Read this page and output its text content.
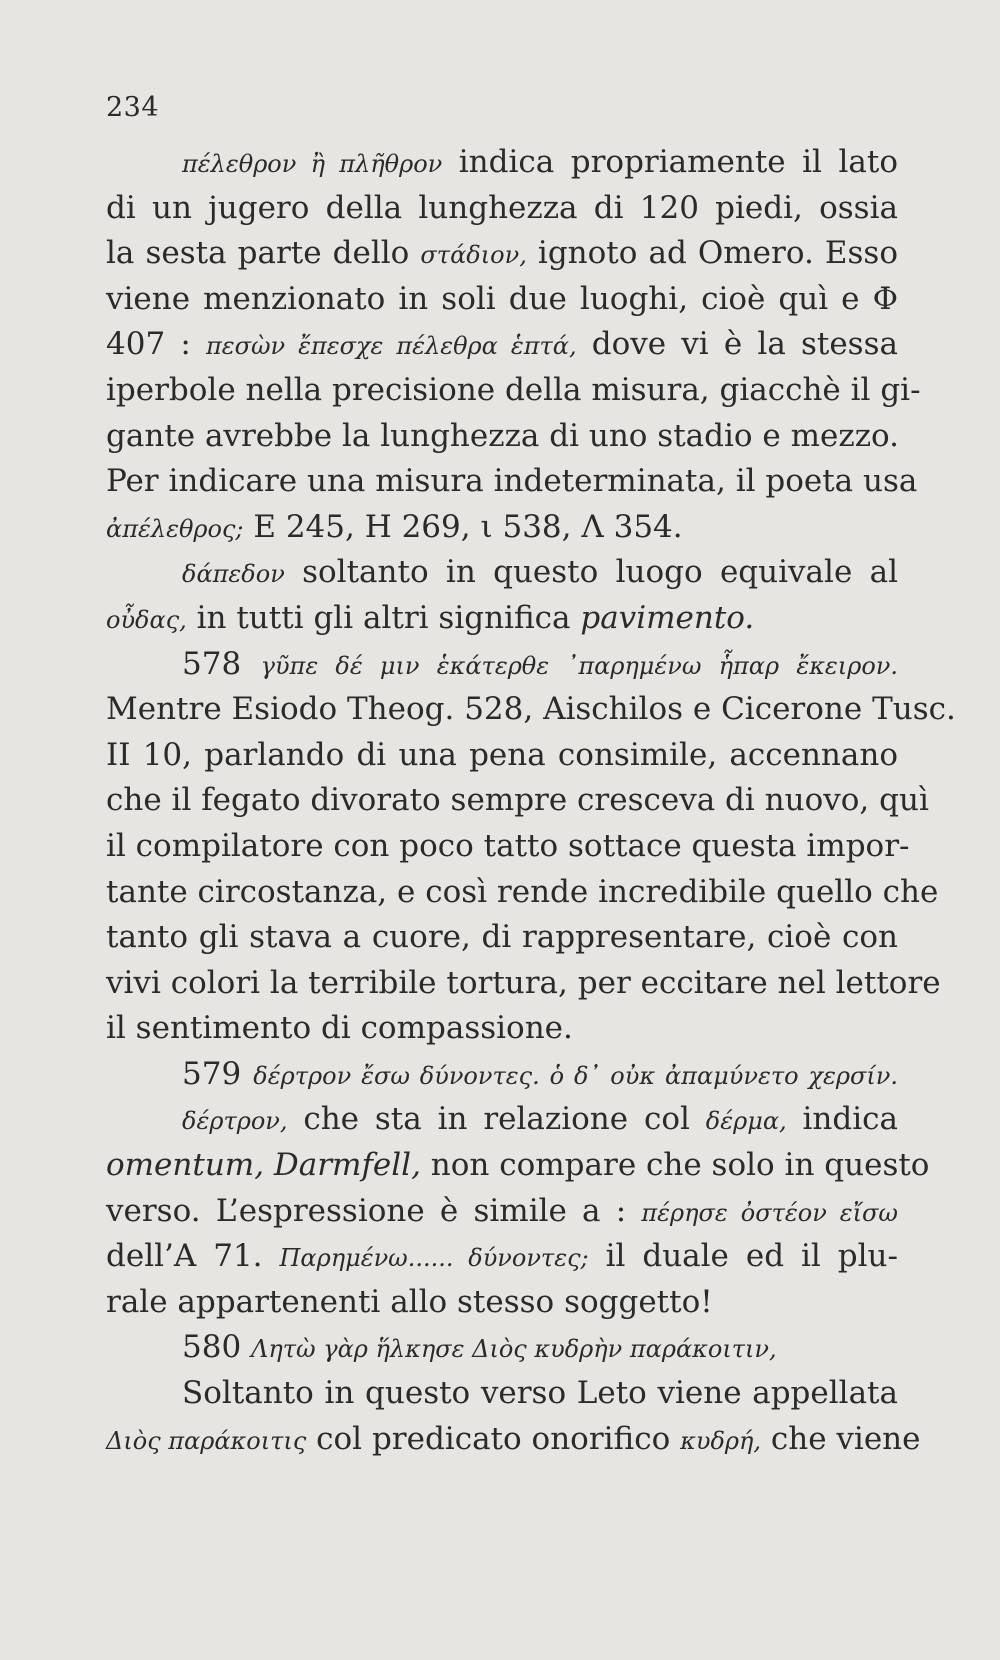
234
πέλεθρον ἢ πλῆθρον indica propriamente il lato
di un jugero della lunghezza di 120 piedi, ossia
la sesta parte dello στάδιον, ignoto ad Omero. Esso
viene menzionato in soli due luoghi, cioè quì e Φ
407 : πεσὼν ἔπεσχε πέλεθρα ἑπτά, dove vi è la stessa
iperbole nella precisione della misura, giacchè il gi-
gante avrebbe la lunghezza di uno stadio e mezzo.
Per indicare una misura indeterminata, il poeta usa
ἀπέλεθρος; E 245, H 269, ι 538, Λ 354.
δάπεδον soltanto in questo luogo equivale al
οὖδας, in tutti gli altri significa pavimento.
578 γῦπε δέ μιν ἑκάτερθε ᾿παρημένω ἧπαρ ἔκειρον.
Mentre Esiodo Theog. 528, Aischilos e Cicerone Tusc.
II 10, parlando di una pena consimile, accennano
che il fegato divorato sempre cresceva di nuovo, quì
il compilatore con poco tatto sottace questa impor-
tante circostanza, e così rende incredibile quello che
tanto gli stava a cuore, di rappresentare, cioè con
vivi colori la terribile tortura, per eccitare nel lettore
il sentimento di compassione.
579 δέρτρον ἔσω δύνοντες. ὁ δ᾿ οὐκ ἀπαμύνετο χερσίν.
δέρτρον, che sta in relazione col δέρμα, indica
omentum, Darmfell, non compare che solo in questo
verso. L’espressione è simile a : πέρησε ὀστέον εἴσω
dell’A 71. Παρημένω...... δύνοντες; il duale ed il plu-
rale appartenenti allo stesso soggetto!
580 Λητὼ γὰρ ἥλκησε Διὸς κυδρὴν παράκοιτιν,
Soltanto in questo verso Leto viene appellata
Διὸς παράκοιτις col predicato onorifico κυδρή, che viene
